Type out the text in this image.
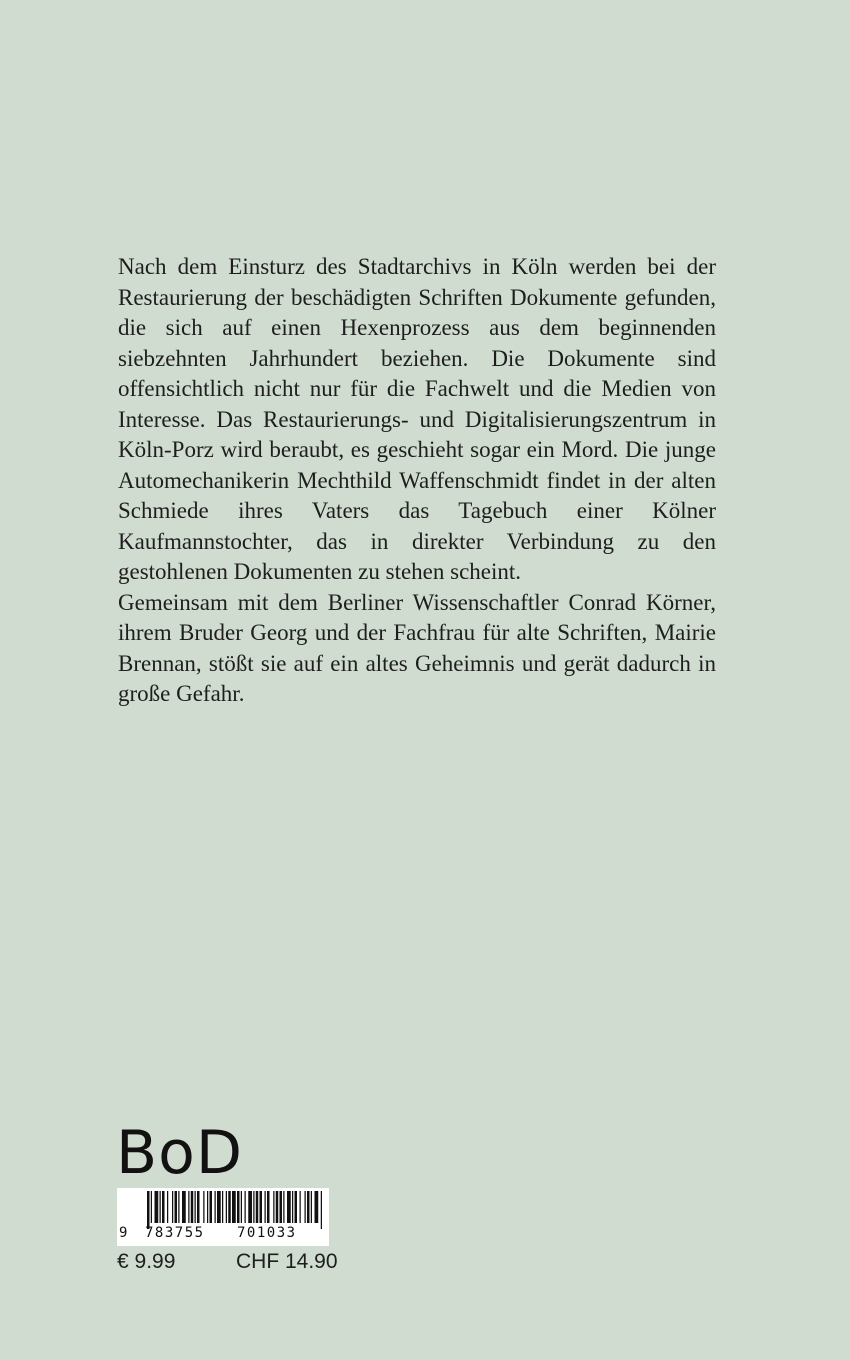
Nach dem Einsturz des Stadtarchivs in Köln werden bei der Restaurierung der beschädigten Schriften Dokumente gefunden, die sich auf einen Hexenprozess aus dem beginnenden siebzehnten Jahrhundert beziehen. Die Dokumente sind offensichtlich nicht nur für die Fachwelt und die Medien von Interesse. Das Restaurierungs- und Digitalisierungszentrum in Köln-Porz wird beraubt, es geschieht sogar ein Mord. Die junge Automechanikerin Mechthild Waffenschmidt findet in der alten Schmiede ihres Vaters das Tagebuch einer Kölner Kaufmannstochter, das in direkter Verbindung zu den gestohlenen Dokumenten zu stehen scheint.

Gemeinsam mit dem Berliner Wissenschaftler Conrad Körner, ihrem Bruder Georg und der Fachfrau für alte Schriften, Mairie Brennan, stößt sie auf ein altes Geheimnis und gerät dadurch in große Gefahr.

BoD
9 783755 701033
€ 9.99	CHF 14.90
